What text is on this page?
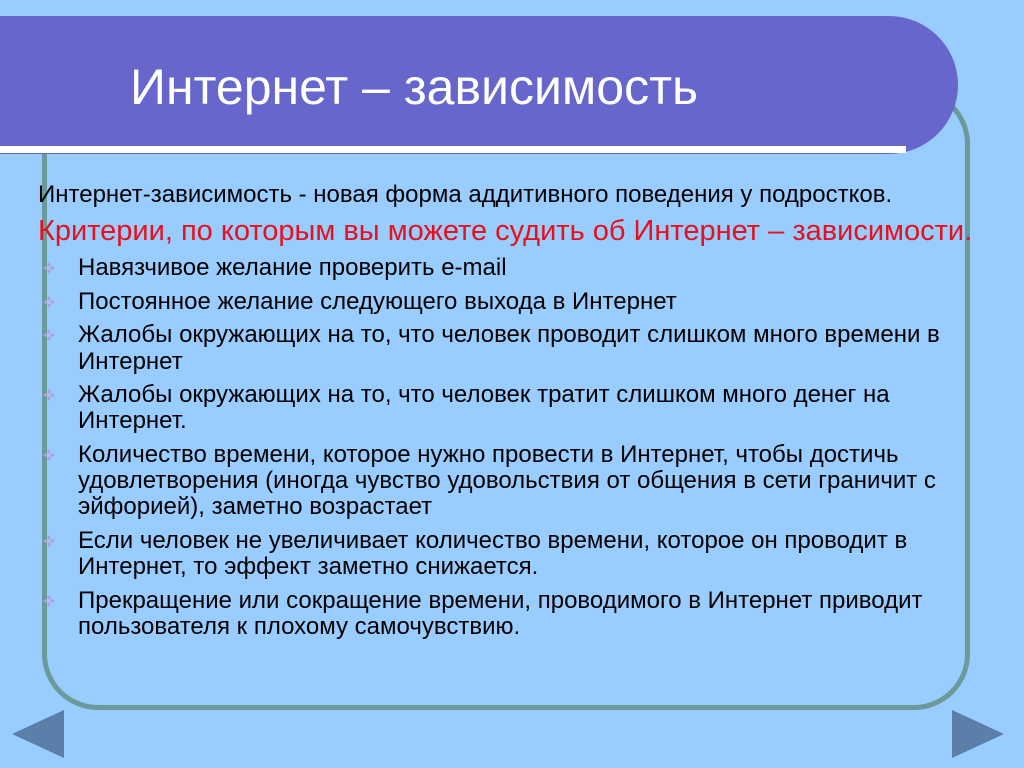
Интернет – зависимость
Интернет-зависимость - новая форма аддитивного поведения у подростков.
Критерии, по которым вы можете судить об Интернет – зависимости.
Навязчивое желание проверить e-mail
Постоянное желание следующего выхода в Интернет
Жалобы окружающих на то, что человек проводит слишком много времени в Интернет
Жалобы окружающих на то, что человек тратит слишком много денег на Интернет.
Количество времени, которое нужно провести в Интернет, чтобы достичь удовлетворения (иногда чувство удовольствия от общения в сети граничит с эйфорией), заметно возрастает
Если человек не увеличивает количество времени, которое он проводит в Интернет, то эффект заметно снижается.
Прекращение или сокращение времени, проводимого в Интернет приводит пользователя к плохому самочувствию.
